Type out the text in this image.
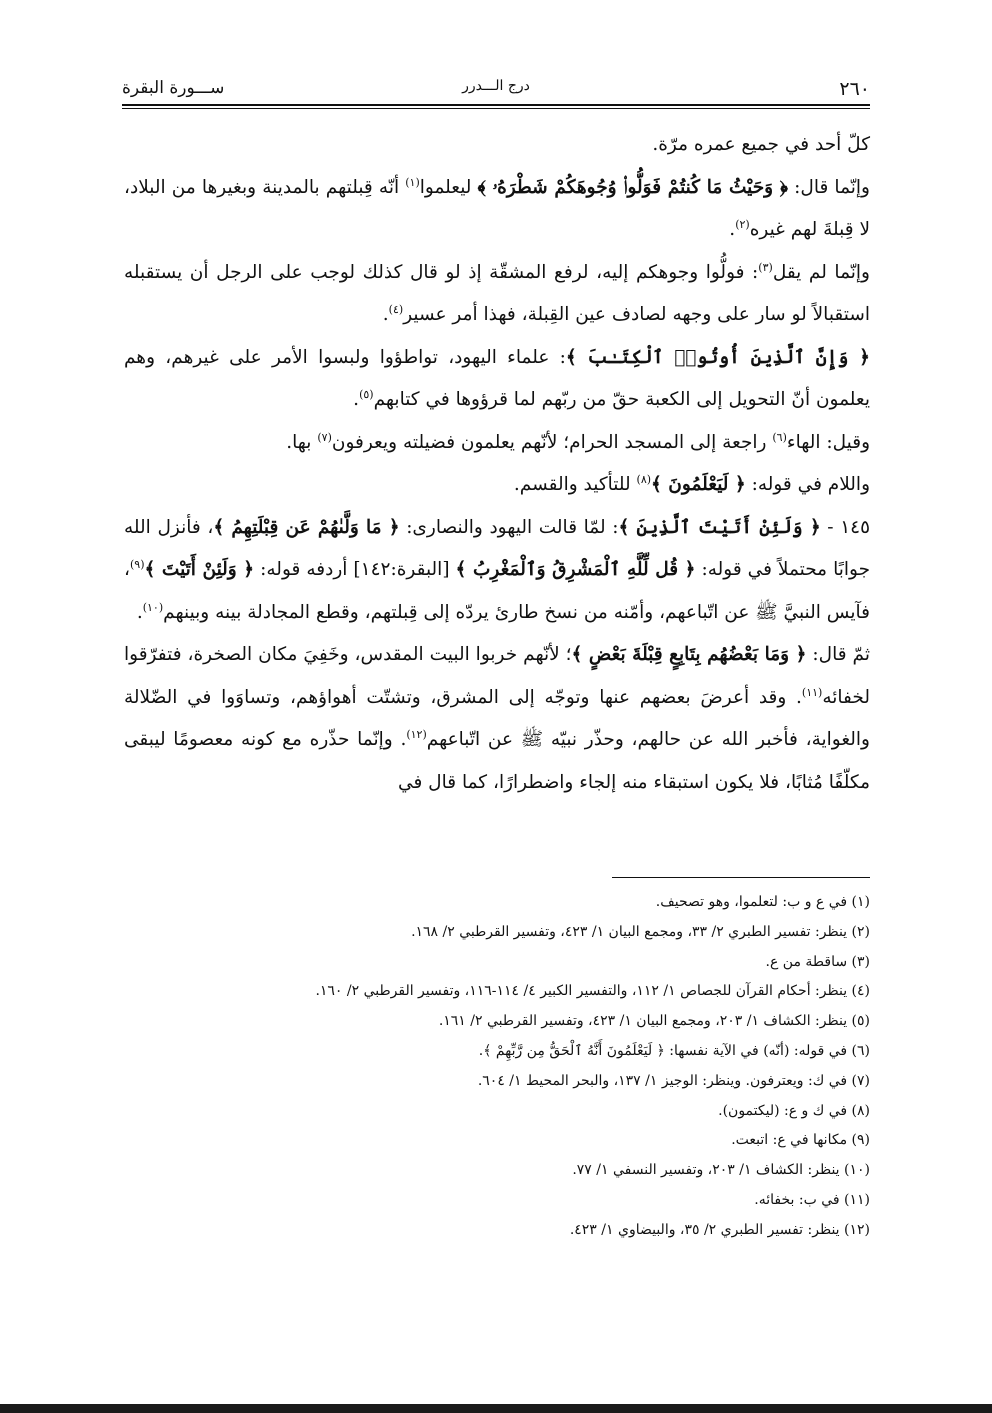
٢٦٠
درج الـــدرر
ســـورة البقرة

كلّ أحد في جميع عمره مرّة.

وإنّما قال: ﴿ وَحَيْثُ مَا كُنتُمْ فَوَلُّوا۟ وُجُوهَكُمْ شَطْرَهُۥ ﴾ ليعلموا$^{(١)}$ أنّه قِبلتهم بالمدينة وبغيرها من البلاد، لا قِبلةَ لهم غيره$^{(٢)}$.

وإنّما لم يقل$^{(٣)}$: فولُّوا وجوهكم إليه، لرفع المشقّة إذ لو قال كذلك لوجب على الرجل أن يستقبله استقبالاً لو سار على وجهه لصادف عين القِبلة، فهذا أمر عسير$^{(٤)}$.

﴿ وَإِنَّ ٱلَّذِينَ أُوتُوا۟ ٱلْكِتَـٰبَ ﴾: علماء اليهود، تواطؤوا ولبسوا الأمر على غيرهم، وهم يعلمون أنّ التحويل إلى الكعبة حقّ من ربّهم لما قرؤوها في كتابهم$^{(٥)}$.

وقيل: الهاء$^{(٦)}$ راجعة إلى المسجد الحرام؛ لأنّهم يعلمون فضيلته ويعرفون$^{(٧)}$ بها.

واللام في قوله: ﴿ لَيَعْلَمُونَ ﴾$^{(٨)}$ للتأكيد والقسم.

١٤٥ - ﴿ وَلَئِنْ أَتَيْتَ ٱلَّذِينَ ﴾: لمّا قالت اليهود والنصارى: ﴿ مَا وَلَّىٰهُمْ عَن قِبْلَتِهِمُ ﴾، فأنزل الله جوابًا محتملاً في قوله: ﴿ قُل لِّلَّهِ ٱلْمَشْرِقُ وَٱلْمَغْرِبُ ﴾ [البقرة:١٤٢] أردفه قوله: ﴿ وَلَئِنْ أَتَيْتَ ﴾$^{(٩)}$، فآيس النبيَّ ﷺ عن اتّباعهم، وأمّنه من نسخ طارئ يردّه إلى قِبلتهم، وقطع المجادلة بينه وبينهم$^{(١٠)}$.

ثمّ قال: ﴿ وَمَا بَعْضُهُم بِتَابِعٍ قِبْلَةَ بَعْضٍ ﴾؛ لأنّهم خربوا البيت المقدس، وخَفِيَ مكان الصخرة، فتفرّقوا لخفائه$^{(١١)}$. وقد أعرضَ بعضهم عنها وتوجّه إلى المشرق، وتشتّت أهواؤهم، وتساوَوا في الضّلالة والغواية، فأخبر الله عن حالهم، وحذّر نبيّه ﷺ عن اتّباعهم$^{(١٢)}$. وإنّما حذّره مع كونه معصومًا ليبقى مكلّفًا مُثابًا، فلا يكون استبقاء منه إلجاء واضطرارًا، كما قال في

(١) في ع و ب: لتعلموا، وهو تصحيف.
(٢) ينظر: تفسير الطبري ٢/ ٣٣، ومجمع البيان ١/ ٤٢٣، وتفسير القرطبي ٢/ ١٦٨.
(٣) ساقطة من ع.
(٤) ينظر: أحكام القرآن للجصاص ١/ ١١٢، والتفسير الكبير ٤/ ١١٤-١١٦، وتفسير القرطبي ٢/ ١٦٠.
(٥) ينظر: الكشاف ١/ ٢٠٣، ومجمع البيان ١/ ٤٢٣، وتفسير القرطبي ٢/ ١٦١.
(٦) في قوله: (أنّه) في الآية نفسها: ﴿ لَيَعْلَمُونَ أَنَّهُ ٱلْحَقُّ مِن رَّبِّهِمْ ﴾.
(٧) في ك: ويعترفون. وينظر: الوجيز ١/ ١٣٧، والبحر المحيط ١/ ٦٠٤.
(٨) في ك و ع: (ليكتمون).
(٩) مكانها في ع: اتبعت.
(١٠) ينظر: الكشاف ١/ ٢٠٣، وتفسير النسفي ١/ ٧٧.
(١١) في ب: بخفائه.
(١٢) ينظر: تفسير الطبري ٢/ ٣٥، والبيضاوي ١/ ٤٢٣.
